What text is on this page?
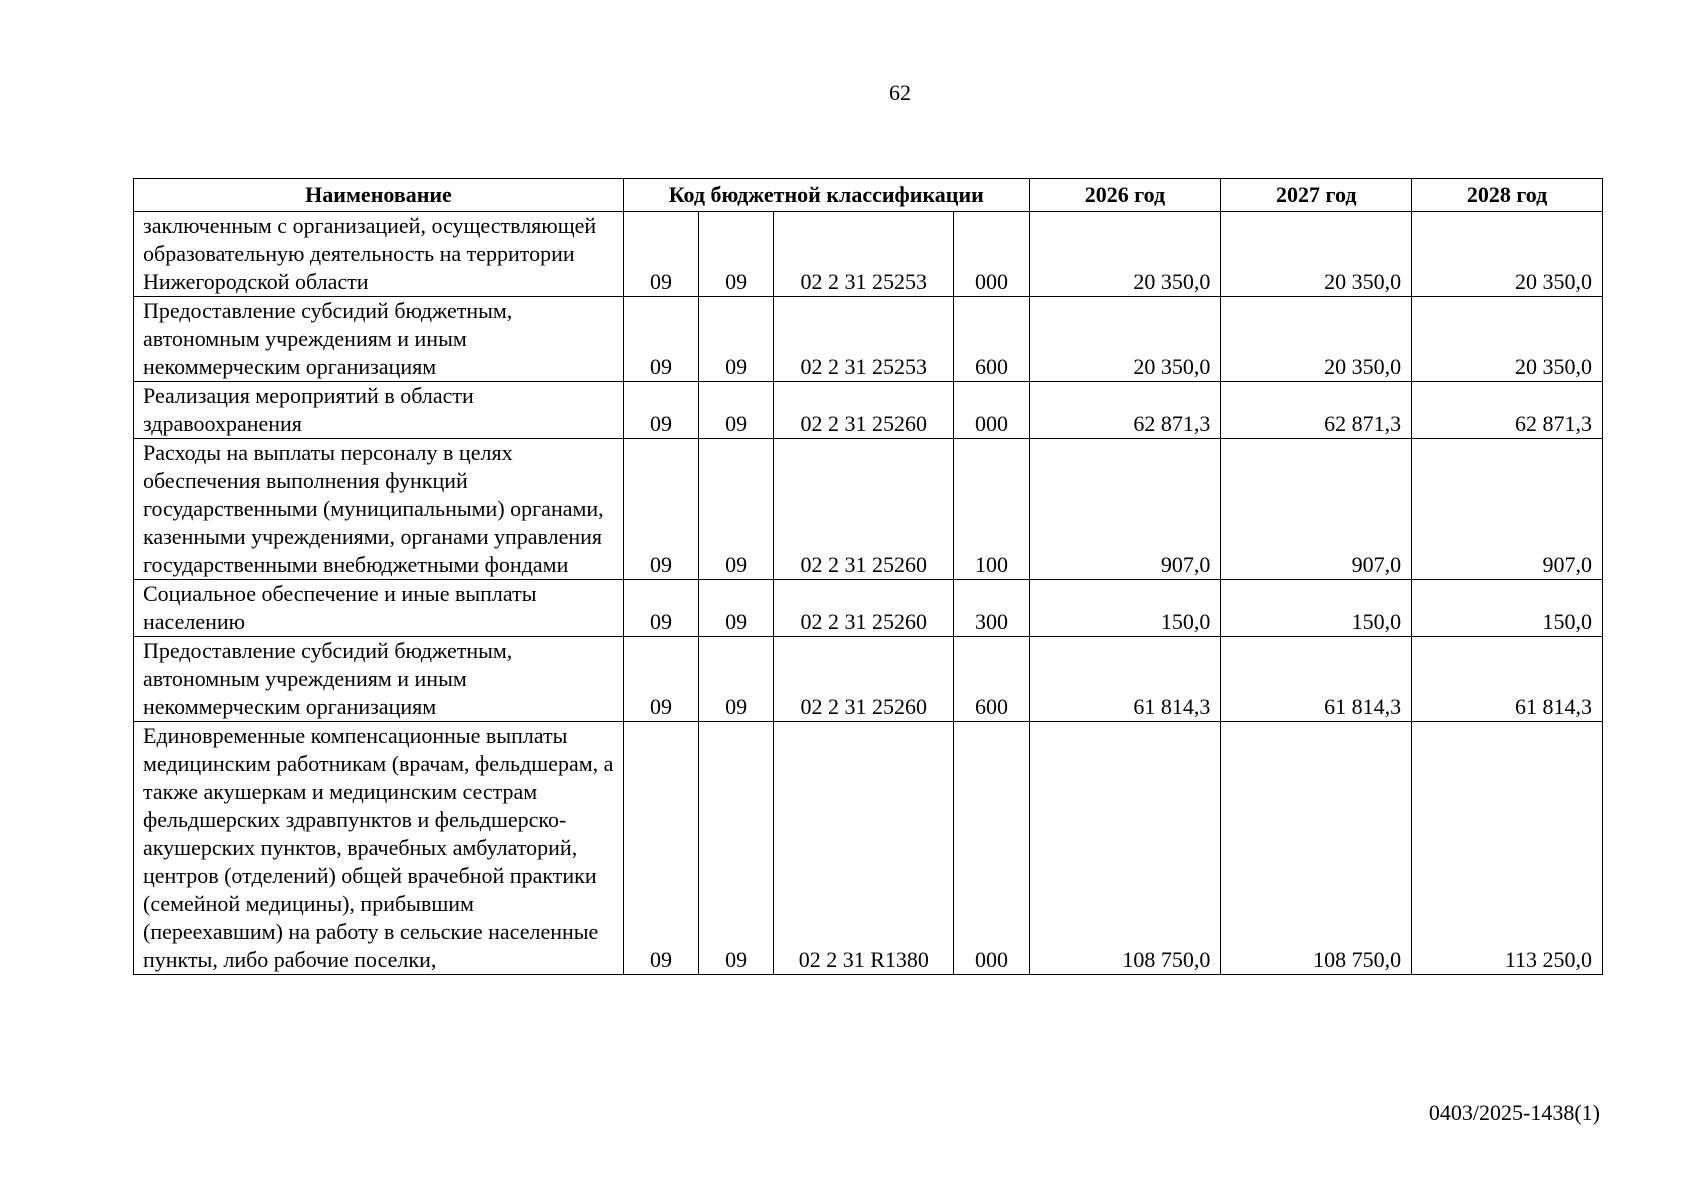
62
Наименование	Код бюджетной классификации				2026 год	2027 год	2028 год
заключенным с организацией, осуществляющей образовательную деятельность на территории Нижегородской области	09	09	02 2 31 25253	000	20 350,0	20 350,0	20 350,0
Предоставление субсидий бюджетным, автономным учреждениям и иным некоммерческим организациям	09	09	02 2 31 25253	600	20 350,0	20 350,0	20 350,0
Реализация мероприятий в области здравоохранения	09	09	02 2 31 25260	000	62 871,3	62 871,3	62 871,3
Расходы на выплаты персоналу в целях обеспечения выполнения функций государственными (муниципальными) органами, казенными учреждениями, органами управления государственными внебюджетными фондами	09	09	02 2 31 25260	100	907,0	907,0	907,0
Социальное обеспечение и иные выплаты населению	09	09	02 2 31 25260	300	150,0	150,0	150,0
Предоставление субсидий бюджетным, автономным учреждениям и иным некоммерческим организациям	09	09	02 2 31 25260	600	61 814,3	61 814,3	61 814,3
Единовременные компенсационные выплаты медицинским работникам (врачам, фельдшерам, а также акушеркам и медицинским сестрам фельдшерских здравпунктов и фельдшерско-акушерских пунктов, врачебных амбулаторий, центров (отделений) общей врачебной практики (семейной медицины), прибывшим (переехавшим) на работу в сельские населенные пункты, либо рабочие поселки,	09	09	02 2 31 R1380	000	108 750,0	108 750,0	113 250,0
0403/2025-1438(1)
